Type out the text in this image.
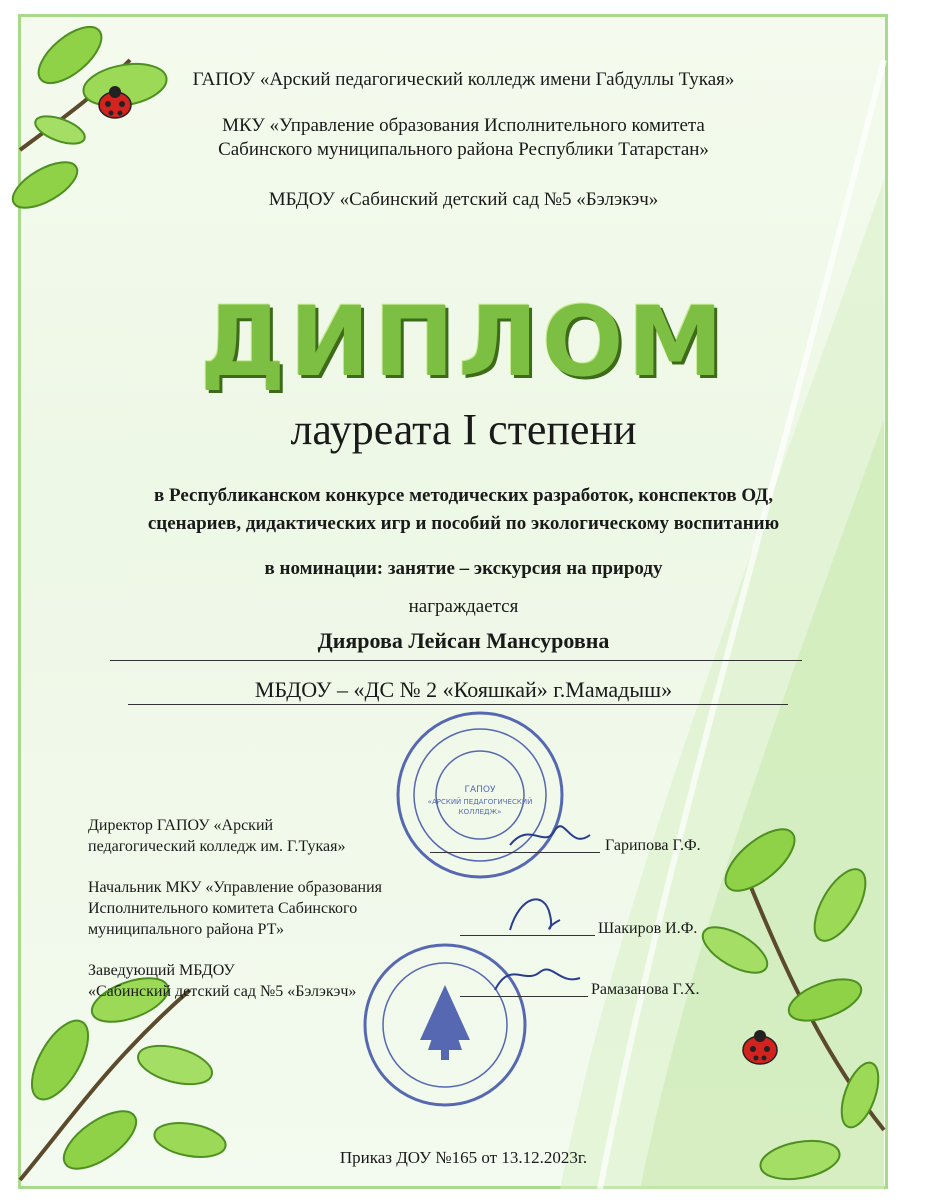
ГАПОУ
«АРСКИЙ ПЕДАГОГИЧЕСКИЙ
КОЛЛЕДЖ»
ГАПОУ «Арский педагогический колледж имени Габдуллы Тукая»
МКУ «Управление образования Исполнительного комитета
Сабинского муниципального района Республики Татарстан»
МБДОУ «Сабинский детский сад №5 «Бэлэкэч»
ДИПЛОМ
лауреата I степени
в Республиканском конкурсе методических разработок, конспектов ОД,
сценариев, дидактических игр и пособий по экологическому воспитанию
в номинации: занятие – экскурсия на природу
награждается
Диярова Лейсан Мансуровна
МБДОУ – «ДС № 2 «Кояшкай» г.Мамадыш»
Директор ГАПОУ «Арский
педагогический колледж им. Г.Тукая»	Гарипова Г.Ф.
Начальник МКУ «Управление образования
Исполнительного комитета Сабинского
муниципального района РТ»	Шакиров И.Ф.
Заведующий МБДОУ
«Сабинский детский сад №5 «Бэлэкэч»	Рамазанова Г.Х.
Приказ ДОУ №165 от 13.12.2023г.
